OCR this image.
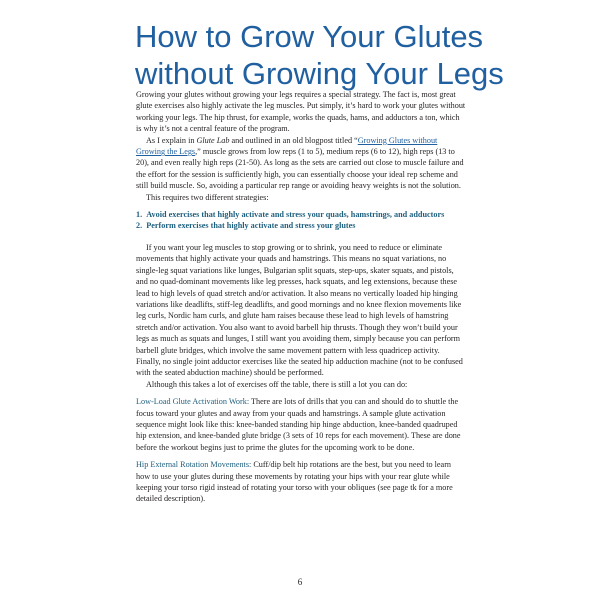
How to Grow Your Glutes without Growing Your Legs

Growing your glutes without growing your legs requires a special strategy. The fact is, most great glute exercises also highly activate the leg muscles. Put simply, it’s hard to work your glutes without working your legs. The hip thrust, for example, works the quads, hams, and adductors a ton, which is why it’s not a central feature of the program.

As I explain in Glute Lab and outlined in an old blogpost titled “Growing Glutes without Growing the Legs,” muscle grows from low reps (1 to 5), medium reps (6 to 12), high reps (13 to 20), and even really high reps (21-50). As long as the sets are carried out close to muscle failure and the effort for the session is sufficiently high, you can essentially choose your ideal rep scheme and still build muscle. So, avoiding a particular rep range or avoiding heavy weights is not the solution.

This requires two different strategies:

1. Avoid exercises that highly activate and stress your quads, hamstrings, and adductors

2. Perform exercises that highly activate and stress your glutes

If you want your leg muscles to stop growing or to shrink, you need to reduce or eliminate movements that highly activate your quads and hamstrings. This means no squat variations, no single-leg squat variations like lunges, Bulgarian split squats, step-ups, skater squats, and pistols, and no quad-dominant movements like leg presses, hack squats, and leg extensions, because these lead to high levels of quad stretch and/or activation. It also means no vertically loaded hip hinging variations like deadlifts, stiff-leg deadlifts, and good mornings and no knee flexion movements like leg curls, Nordic ham curls, and glute ham raises because these lead to high levels of hamstring stretch and/or activation. You also want to avoid barbell hip thrusts. Though they won’t build your legs as much as squats and lunges, I still want you avoiding them, simply because you can perform barbell glute bridges, which involve the same movement pattern with less quadricep activity. Finally, no single joint adductor exercises like the seated hip adduction machine (not to be confused with the seated abduction machine) should be performed.

Although this takes a lot of exercises off the table, there is still a lot you can do:

Low-Load Glute Activation Work: There are lots of drills that you can and should do to shuttle the focus toward your glutes and away from your quads and hamstrings. A sample glute activation sequence might look like this: knee-banded standing hip hinge abduction, knee-banded quadruped hip extension, and knee-banded glute bridge (3 sets of 10 reps for each movement). These are done before the workout begins just to prime the glutes for the upcoming work to be done.

Hip External Rotation Movements: Cuff/dip belt hip rotations are the best, but you need to learn how to use your glutes during these movements by rotating your hips with your rear glute while keeping your torso rigid instead of rotating your torso with your obliques (see page tk for a more detailed description).

6
